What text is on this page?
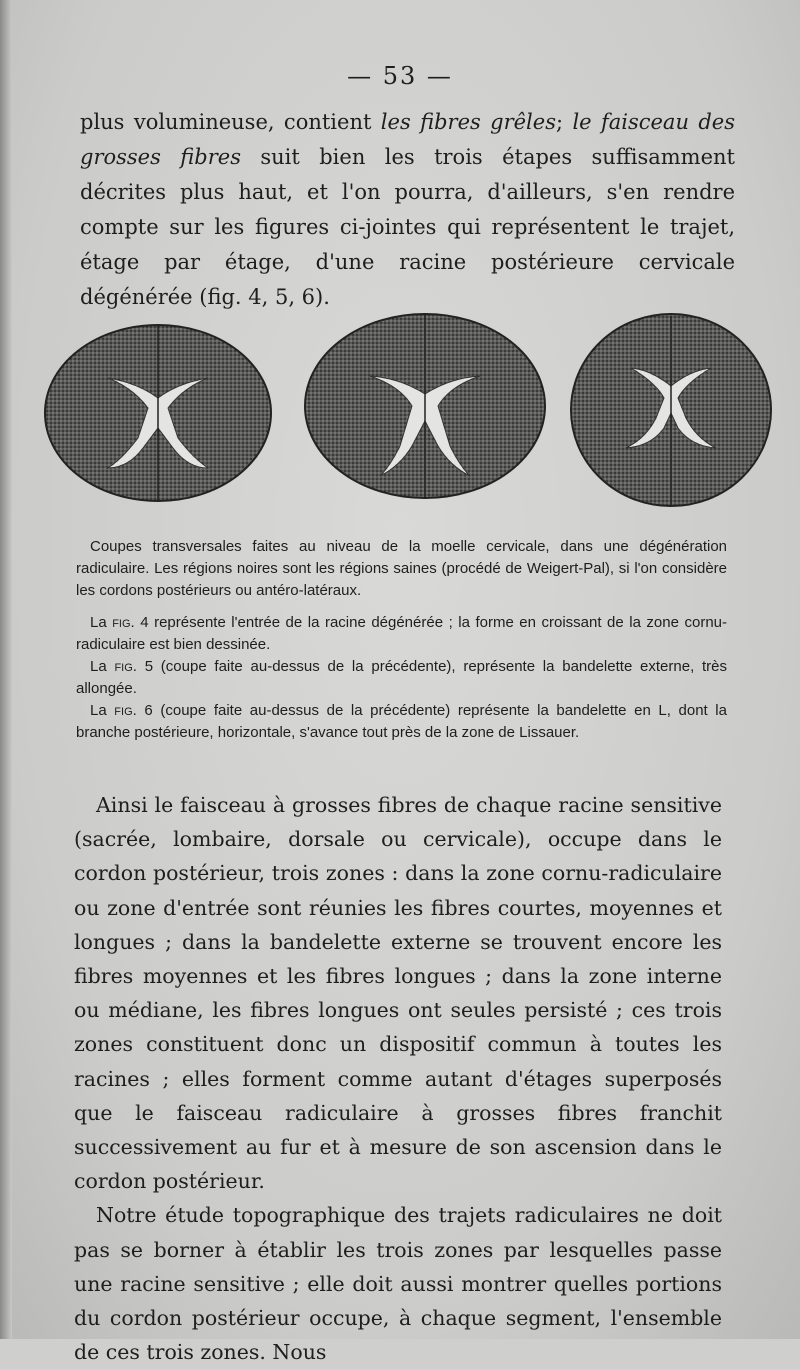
— 53 —

plus volumineuse, contient les fibres grêles; le faisceau des grosses fibres suit bien les trois étapes suffisamment décrites plus haut, et l'on pourra, d'ailleurs, s'en rendre compte sur les figures ci-jointes qui représentent le trajet, étage par étage, d'une racine postérieure cervicale dégénérée (fig. 4, 5, 6).

Coupes transversales faites au niveau de la moelle cervicale, dans une dégénération radiculaire. Les régions noires sont les régions saines (procédé de Weigert-Pal), si l'on considère les cordons postérieurs ou antéro-latéraux.

La fig. 4 représente l'entrée de la racine dégénérée ; la forme en croissant de la zone cornu-radiculaire est bien dessinée.

La fig. 5 (coupe faite au-dessus de la précédente), représente la bandelette externe, très allongée.

La fig. 6 (coupe faite au-dessus de la précédente) représente la bandelette en L, dont la branche postérieure, horizontale, s'avance tout près de la zone de Lissauer.

Ainsi le faisceau à grosses fibres de chaque racine sensitive (sacrée, lombaire, dorsale ou cervicale), occupe dans le cordon postérieur, trois zones : dans la zone cornu-radiculaire ou zone d'entrée sont réunies les fibres courtes, moyennes et longues ; dans la bandelette externe se trouvent encore les fibres moyennes et les fibres longues ; dans la zone interne ou médiane, les fibres longues ont seules persisté ; ces trois zones constituent donc un dispositif commun à toutes les racines ; elles forment comme autant d'étages superposés que le faisceau radiculaire à grosses fibres franchit successivement au fur et à mesure de son ascension dans le cordon postérieur.

Notre étude topographique des trajets radiculaires ne doit pas se borner à établir les trois zones par lesquelles passe une racine sensitive ; elle doit aussi montrer quelles portions du cordon postérieur occupe, à chaque segment, l'ensemble de ces trois zones. Nous
